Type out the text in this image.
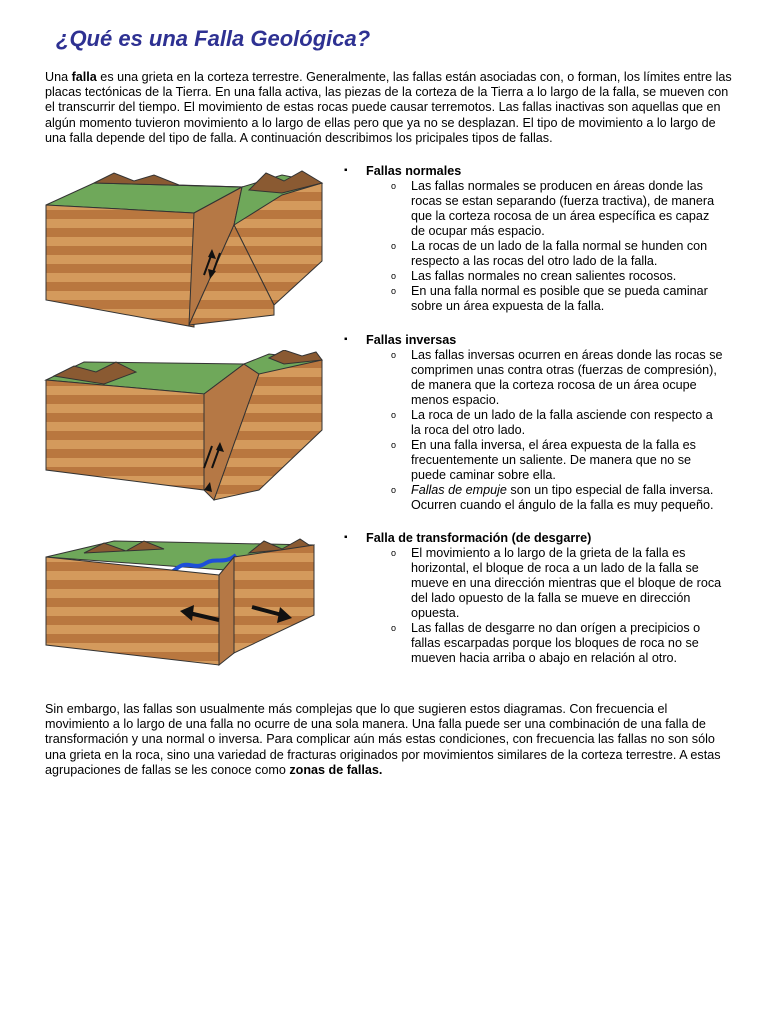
¿Qué es una Falla Geológica?

Una falla es una grieta en la corteza terrestre. Generalmente, las fallas están asociadas con, o forman, los límites entre las placas tectónicas de la Tierra. En una falla activa, las piezas de la corteza de la Tierra a lo largo de la falla, se mueven con el transcurrir del tiempo. El movimiento de estas rocas puede causar terremotos. Las fallas inactivas son aquellas que en algún momento tuvieron movimiento a lo largo de ellas pero que ya no se desplazan. El tipo de movimiento a lo largo de una falla depende del tipo de falla. A continuación describimos los pricipales tipos de fallas.

▪ Fallas normales

o Las fallas normales se producen en áreas donde las rocas se estan separando (fuerza tractiva), de manera que la corteza rocosa de un área específica es capaz de ocupar más espacio.
o La rocas de un lado de la falla normal se hunden con respecto a las rocas del otro lado de la falla.
o Las fallas normales no crean salientes rocosos.
o En una falla normal es posible que se pueda caminar sobre un área expuesta de la falla.

▪ Fallas inversas

o Las fallas inversas ocurren en áreas donde las rocas se comprimen unas contra otras (fuerzas de compresión), de manera que la corteza rocosa de un área ocupe menos espacio.
o La roca de un lado de la falla asciende con respecto a la roca del otro lado.
o En una falla inversa, el área expuesta de la falla es frecuentemente un saliente. De manera que no se puede caminar sobre ella.
o Fallas de empuje son un tipo especial de falla inversa. Ocurren cuando el ángulo de la falla es muy pequeño.

▪ Falla de transformación (de desgarre)

o El movimiento a lo largo de la grieta de la falla es horizontal, el bloque de roca a un lado de la falla se mueve en una dirección mientras que el bloque de roca del lado opuesto de la falla se mueve en dirección opuesta.
o Las fallas de desgarre no dan orígen a precipicios o fallas escarpadas porque los bloques de roca no se mueven hacia arriba o abajo en relación al otro.

Sin embargo, las fallas son usualmente más complejas que lo que sugieren estos diagramas. Con frecuencia el movimiento a lo largo de una falla no ocurre de una sola manera. Una falla puede ser una combinación de una falla de transformación y una normal o inversa. Para complicar aún más estas condiciones, con frecuencia las fallas no son sólo una grieta en la roca, sino una variedad de fracturas originados por movimientos similares de la corteza terrestre. A estas agrupaciones de fallas se les conoce como zonas de fallas.
